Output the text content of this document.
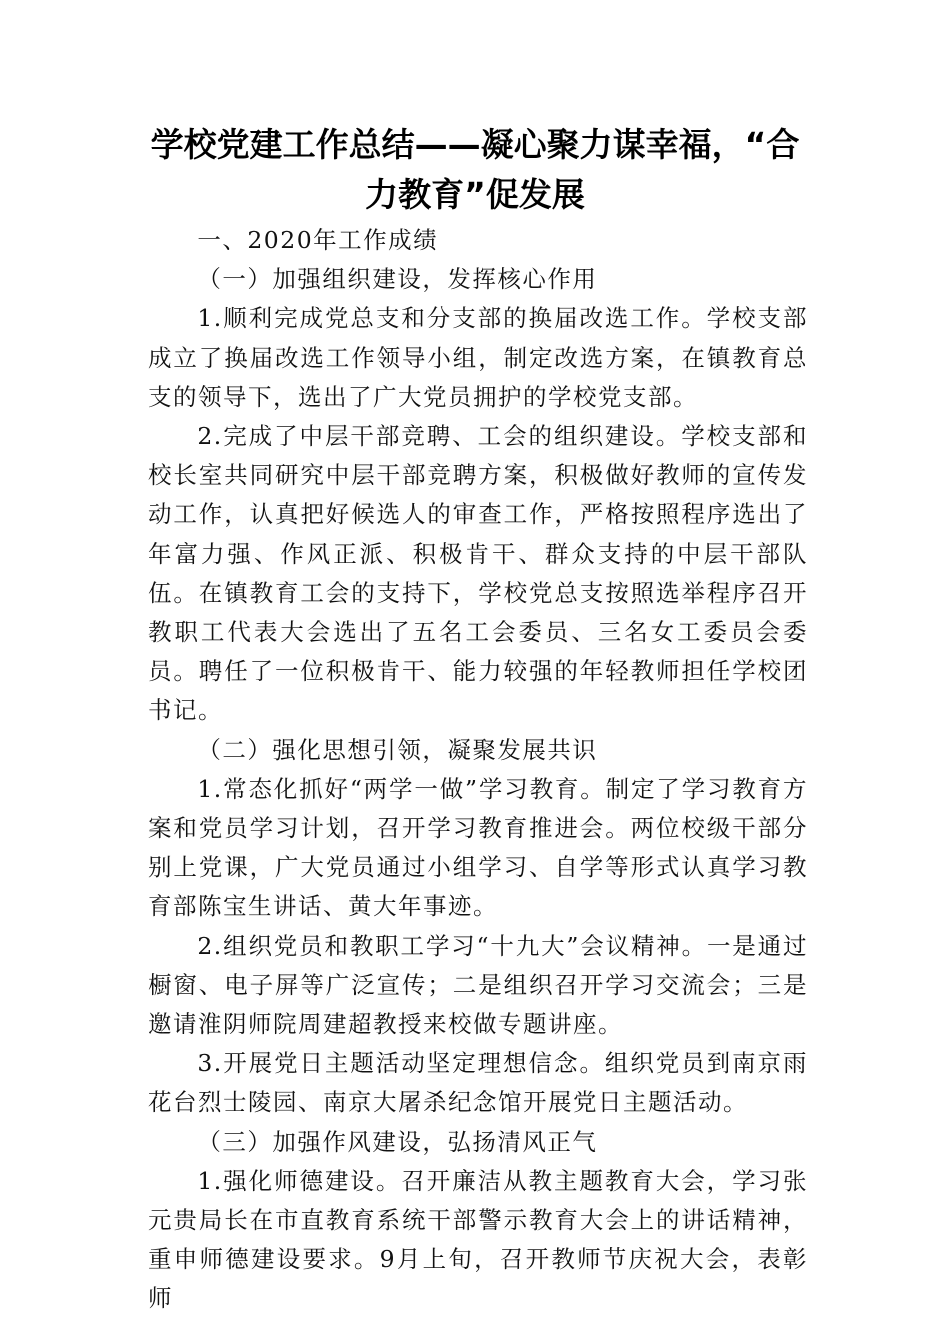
学校党建工作总结——凝心聚力谋幸福，“合
力教育”促发展

一、2020年工作成绩

（一）加强组织建设，发挥核心作用

1.顺利完成党总支和分支部的换届改选工作。学校支部成立了换届改选工作领导小组，制定改选方案，在镇教育总支的领导下，选出了广大党员拥护的学校党支部。

2.完成了中层干部竞聘、工会的组织建设。学校支部和校长室共同研究中层干部竞聘方案，积极做好教师的宣传发动工作，认真把好候选人的审查工作，严格按照程序选出了年富力强、作风正派、积极肯干、群众支持的中层干部队伍。在镇教育工会的支持下，学校党总支按照选举程序召开教职工代表大会选出了五名工会委员、三名女工委员会委员。聘任了一位积极肯干、能力较强的年轻教师担任学校团书记。

（二）强化思想引领，凝聚发展共识

1.常态化抓好“两学一做”学习教育。制定了学习教育方案和党员学习计划，召开学习教育推进会。两位校级干部分别上党课，广大党员通过小组学习、自学等形式认真学习教育部陈宝生讲话、黄大年事迹。

2.组织党员和教职工学习“十九大”会议精神。一是通过橱窗、电子屏等广泛宣传；二是组织召开学习交流会；三是邀请淮阴师院周建超教授来校做专题讲座。

3.开展党日主题活动坚定理想信念。组织党员到南京雨花台烈士陵园、南京大屠杀纪念馆开展党日主题活动。

（三）加强作风建设，弘扬清风正气

1.强化师德建设。召开廉洁从教主题教育大会，学习张元贵局长在市直教育系统干部警示教育大会上的讲话精神，重申师德建设要求。9月上旬，召开教师节庆祝大会，表彰师
